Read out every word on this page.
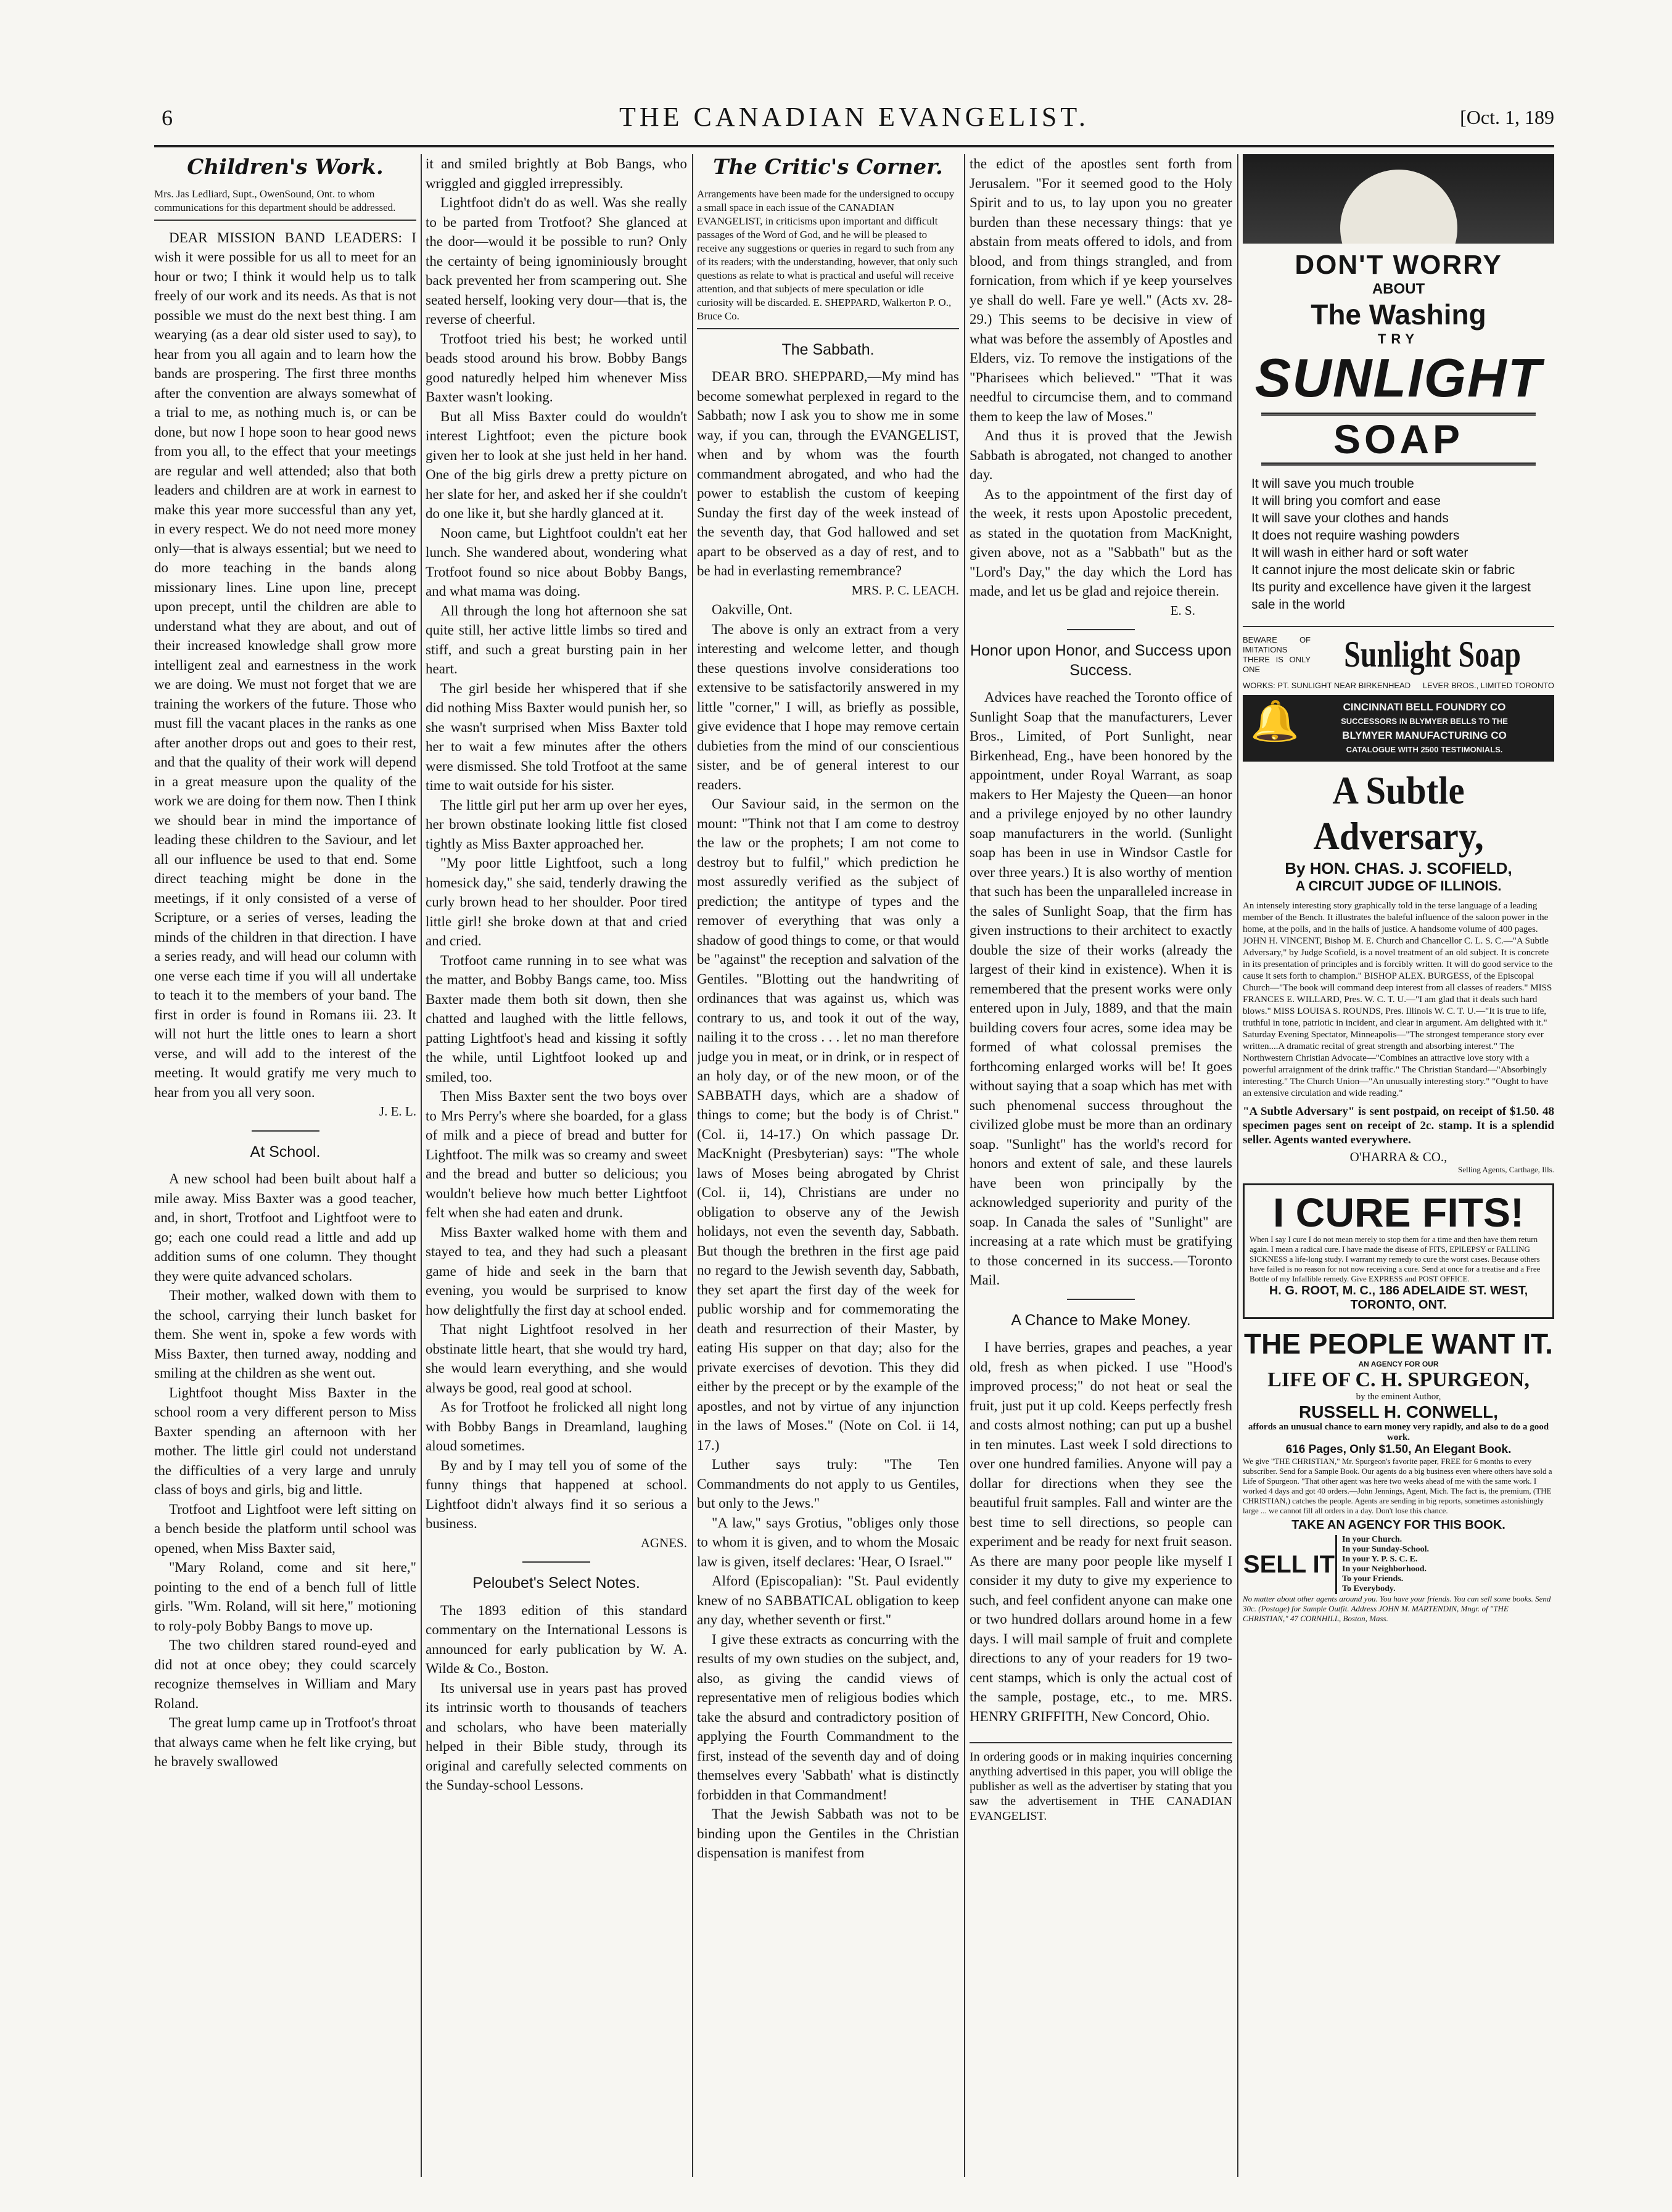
6	THE CANADIAN EVANGELIST.	[Oct. 1, 189
Children's Work.
Mrs. Jas Ledliard, Supt., OwenSound, Ont. to whom communications for this department should be addressed.

DEAR MISSION BAND LEADERS: I wish it were possible for us all to meet for an hour or two; I think it would help us to talk freely of our work and its needs. As that is not possible we must do the next best thing. I am wearying (as a dear old sister used to say), to hear from you all again and to learn how the bands are prospering. The first three months after the convention are always somewhat of a trial to me, as nothing much is, or can be done, but now I hope soon to hear good news from you all, to the effect that your meetings are regular and well attended; also that both leaders and children are at work in earnest to make this year more successful than any yet, in every respect. We do not need more money only—that is always essential; but we need to do more teaching in the bands along missionary lines. Line upon line, precept upon precept, until the children are able to understand what they are about, and out of their increased knowledge shall grow more intelligent zeal and earnestness in the work we are doing. We must not forget that we are training the workers of the future. Those who must fill the vacant places in the ranks as one after another drops out and goes to their rest, and that the quality of their work will depend in a great measure upon the quality of the work we are doing for them now. Then I think we should bear in mind the importance of leading these children to the Saviour, and let all our influence be used to that end. Some direct teaching might be done in the meetings, if it only consisted of a verse of Scripture, or a series of verses, leading the minds of the children in that direction. I have a series ready, and will head our column with one verse each time if you will all undertake to teach it to the members of your band. The first in order is found in Romans iii. 23. It will not hurt the little ones to learn a short verse, and will add to the interest of the meeting. It would gratify me very much to hear from you all very soon.

J. E. L.
At School.

A new school had been built about half a mile away. Miss Baxter was a good teacher, and, in short, Trotfoot and Lightfoot were to go; each one could read a little and add up addition sums of one column. They thought they were quite advanced scholars.

Their mother, walked down with them to the school, carrying their lunch basket for them. She went in, spoke a few words with Miss Baxter, then turned away, nodding and smiling at the children as she went out.

Lightfoot thought Miss Baxter in the school room a very different person to Miss Baxter spending an afternoon with her mother. The little girl could not understand the difficulties of a very large and unruly class of boys and girls, big and little.

Trotfoot and Lightfoot were left sitting on a bench beside the platform until school was opened, when Miss Baxter said,

"Mary Roland, come and sit here," pointing to the end of a bench full of little girls. "Wm. Roland, will sit here," motioning to roly-poly Bobby Bangs to move up.

The two children stared round-eyed and did not at once obey; they could scarcely recognize themselves in William and Mary Roland.

The great lump came up in Trotfoot's throat that always came when he felt like crying, but he bravely swallowed

it and smiled brightly at Bob Bangs, who wriggled and giggled irrepressibly.

Lightfoot didn't do as well. Was she really to be parted from Trotfoot? She glanced at the door—would it be possible to run? Only the certainty of being ignominiously brought back prevented her from scampering out. She seated herself, looking very dour—that is, the reverse of cheerful.

Trotfoot tried his best; he worked until beads stood around his brow. Bobby Bangs good naturedly helped him whenever Miss Baxter wasn't looking.

But all Miss Baxter could do wouldn't interest Lightfoot; even the picture book given her to look at she just held in her hand. One of the big girls drew a pretty picture on her slate for her, and asked her if she couldn't do one like it, but she hardly glanced at it.

Noon came, but Lightfoot couldn't eat her lunch. She wandered about, wondering what Trotfoot found so nice about Bobby Bangs, and what mama was doing.

All through the long hot afternoon she sat quite still, her active little limbs so tired and stiff, and such a great bursting pain in her heart.

The girl beside her whispered that if she did nothing Miss Baxter would punish her, so she wasn't surprised when Miss Baxter told her to wait a few minutes after the others were dismissed. She told Trotfoot at the same time to wait outside for his sister.

The little girl put her arm up over her eyes, her brown obstinate looking little fist closed tightly as Miss Baxter approached her.

"My poor little Lightfoot, such a long homesick day," she said, tenderly drawing the curly brown head to her shoulder. Poor tired little girl! she broke down at that and cried and cried.

Trotfoot came running in to see what was the matter, and Bobby Bangs came, too. Miss Baxter made them both sit down, then she chatted and laughed with the little fellows, patting Lightfoot's head and kissing it softly the while, until Lightfoot looked up and smiled, too.

Then Miss Baxter sent the two boys over to Mrs Perry's where she boarded, for a glass of milk and a piece of bread and butter for Lightfoot. The milk was so creamy and sweet and the bread and butter so delicious; you wouldn't believe how much better Lightfoot felt when she had eaten and drunk.

Miss Baxter walked home with them and stayed to tea, and they had such a pleasant game of hide and seek in the barn that evening, you would be surprised to know how delightfully the first day at school ended.

That night Lightfoot resolved in her obstinate little heart, that she would try hard, she would learn everything, and she would always be good, real good at school.

As for Trotfoot he frolicked all night long with Bobby Bangs in Dreamland, laughing aloud sometimes.

By and by I may tell you of some of the funny things that happened at school. Lightfoot didn't always find it so serious a business.

AGNES.
Peloubet's Select Notes.

The 1893 edition of this standard commentary on the International Lessons is announced for early publication by W. A. Wilde & Co., Boston.

Its universal use in years past has proved its intrinsic worth to thousands of teachers and scholars, who have been materially helped in their Bible study, through its original and carefully selected comments on the Sunday-school Lessons.

The Critic's Corner.
Arrangements have been made for the undersigned to occupy a small space in each issue of the CANADIAN EVANGELIST, in criticisms upon important and difficult passages of the Word of God, and he will be pleased to receive any suggestions or queries in regard to such from any of its readers; with the understanding, however, that only such questions as relate to what is practical and useful will receive attention, and that subjects of mere speculation or idle curiosity will be discarded. E. SHEPPARD, Walkerton P. O., Bruce Co.
The Sabbath.

DEAR BRO. SHEPPARD,—My mind has become somewhat perplexed in regard to the Sabbath; now I ask you to show me in some way, if you can, through the EVANGELIST, when and by whom was the fourth commandment abrogated, and who had the power to establish the custom of keeping Sunday the first day of the week instead of the seventh day, that God hallowed and set apart to be observed as a day of rest, and to be had in everlasting remembrance?

MRS. P. C. LEACH.
Oakville, Ont.

The above is only an extract from a very interesting and welcome letter, and though these questions involve considerations too extensive to be satisfactorily answered in my little "corner," I will, as briefly as possible, give evidence that I hope may remove certain dubieties from the mind of our conscientious sister, and be of general interest to our readers.

Our Saviour said, in the sermon on the mount: "Think not that I am come to destroy the law or the prophets; I am not come to destroy but to fulfil," which prediction he most assuredly verified as the subject of prediction; the antitype of types and the remover of everything that was only a shadow of good things to come, or that would be "against" the reception and salvation of the Gentiles. "Blotting out the handwriting of ordinances that was against us, which was contrary to us, and took it out of the way, nailing it to the cross . . . let no man therefore judge you in meat, or in drink, or in respect of an holy day, or of the new moon, or of the SABBATH days, which are a shadow of things to come; but the body is of Christ." (Col. ii, 14-17.) On which passage Dr. MacKnight (Presbyterian) says: "The whole laws of Moses being abrogated by Christ (Col. ii, 14), Christians are under no obligation to observe any of the Jewish holidays, not even the seventh day, Sabbath. But though the brethren in the first age paid no regard to the Jewish seventh day, Sabbath, they set apart the first day of the week for public worship and for commemorating the death and resurrection of their Master, by eating His supper on that day; also for the private exercises of devotion. This they did either by the precept or by the example of the apostles, and not by virtue of any injunction in the laws of Moses." (Note on Col. ii 14, 17.)

Luther says truly: "The Ten Commandments do not apply to us Gentiles, but only to the Jews."

"A law," says Grotius, "obliges only those to whom it is given, and to whom the Mosaic law is given, itself declares: 'Hear, O Israel.'"

Alford (Episcopalian): "St. Paul evidently knew of no SABBATICAL obligation to keep any day, whether seventh or first."

I give these extracts as concurring with the results of my own studies on the subject, and, also, as giving the candid views of representative men of religious bodies which take the absurd and contradictory position of applying the Fourth Commandment to the first, instead of the seventh day and of doing themselves every 'Sabbath' what is distinctly forbidden in that Commandment!

That the Jewish Sabbath was not to be binding upon the Gentiles in the Christian dispensation is manifest from

the edict of the apostles sent forth from Jerusalem. "For it seemed good to the Holy Spirit and to us, to lay upon you no greater burden than these necessary things: that ye abstain from meats offered to idols, and from blood, and from things strangled, and from fornication, from which if ye keep yourselves ye shall do well. Fare ye well." (Acts xv. 28-29.) This seems to be decisive in view of what was before the assembly of Apostles and Elders, viz. To remove the instigations of the "Pharisees which believed." "That it was needful to circumcise them, and to command them to keep the law of Moses."

And thus it is proved that the Jewish Sabbath is abrogated, not changed to another day.

As to the appointment of the first day of the week, it rests upon Apostolic precedent, as stated in the quotation from MacKnight, given above, not as a "Sabbath" but as the "Lord's Day," the day which the Lord has made, and let us be glad and rejoice therein.

E. S.
Honor upon Honor, and Success upon Success.

Advices have reached the Toronto office of Sunlight Soap that the manufacturers, Lever Bros., Limited, of Port Sunlight, near Birkenhead, Eng., have been honored by the appointment, under Royal Warrant, as soap makers to Her Majesty the Queen—an honor and a privilege enjoyed by no other laundry soap manufacturers in the world. (Sunlight soap has been in use in Windsor Castle for over three years.) It is also worthy of mention that such has been the unparalleled increase in the sales of Sunlight Soap, that the firm has given instructions to their architect to exactly double the size of their works (already the largest of their kind in existence). When it is remembered that the present works were only entered upon in July, 1889, and that the main building covers four acres, some idea may be formed of what colossal premises the forthcoming enlarged works will be! It goes without saying that a soap which has met with such phenomenal success throughout the civilized globe must be more than an ordinary soap. "Sunlight" has the world's record for honors and extent of sale, and these laurels have been won principally by the acknowledged superiority and purity of the soap. In Canada the sales of "Sunlight" are increasing at a rate which must be gratifying to those concerned in its success.—Toronto Mail.

A Chance to Make Money.

I have berries, grapes and peaches, a year old, fresh as when picked. I use "Hood's improved process;" do not heat or seal the fruit, just put it up cold. Keeps perfectly fresh and costs almost nothing; can put up a bushel in ten minutes. Last week I sold directions to over one hundred families. Anyone will pay a dollar for directions when they see the beautiful fruit samples. Fall and winter are the best time to sell directions, so people can experiment and be ready for next fruit season. As there are many poor people like myself I consider it my duty to give my experience to such, and feel confident anyone can make one or two hundred dollars around home in a few days. I will mail sample of fruit and complete directions to any of your readers for 19 two-cent stamps, which is only the actual cost of the sample, postage, etc., to me. MRS. HENRY GRIFFITH, New Concord, Ohio.

In ordering goods or in making inquiries concerning anything advertised in this paper, you will oblige the publisher as well as the advertiser by stating that you saw the advertisement in THE CANADIAN EVANGELIST.
DON'T WORRY
ABOUT
The Washing
TRY
SUNLIGHT
SOAP
It will save you much trouble
It will bring you comfort and ease
It will save your clothes and hands
It does not require washing powders
It will wash in either hard or soft water
It cannot injure the most delicate skin or fabric
Its purity and excellence have given it the largest sale in the world
BEWARE OF IMITATIONS THERE IS ONLY ONE	Sunlight Soap
WORKS: PT. SUNLIGHT NEAR BIRKENHEAD LEVER BROS., LIMITED TORONTO
🔔	CINCINNATI BELL FOUNDRY CO
SUCCESSORS IN BLYMYER BELLS TO THE
BLYMYER MANUFACTURING CO
CATALOGUE WITH 2500 TESTIMONIALS.
A Subtle Adversary,
By HON. CHAS. J. SCOFIELD,
A CIRCUIT JUDGE OF ILLINOIS.
An intensely interesting story graphically told in the terse language of a leading member of the Bench. It illustrates the baleful influence of the saloon power in the home, at the polls, and in the halls of justice. A handsome volume of 400 pages.
JOHN H. VINCENT, Bishop M. E. Church and Chancellor C. L. S. C.—"A Subtle Adversary," by Judge Scofield, is a novel treatment of an old subject. It is concrete in its presentation of principles and is forcibly written. It will do good service to the cause it sets forth to champion." BISHOP ALEX. BURGESS, of the Episcopal Church—"The book will command deep interest from all classes of readers." MISS FRANCES E. WILLARD, Pres. W. C. T. U.—"I am glad that it deals such hard blows." MISS LOUISA S. ROUNDS, Pres. Illinois W. C. T. U.—"It is true to life, truthful in tone, patriotic in incident, and clear in argument. Am delighted with it." Saturday Evening Spectator, Minneapolis—"The strongest temperance story ever written....A dramatic recital of great strength and absorbing interest." The Northwestern Christian Advocate—"Combines an attractive love story with a powerful arraignment of the drink traffic." The Christian Standard—"Absorbingly interesting." The Church Union—"An unusually interesting story." "Ought to have an extensive circulation and wide reading."
"A Subtle Adversary" is sent postpaid, on receipt of $1.50. 48 specimen pages sent on receipt of 2c. stamp. It is a splendid seller. Agents wanted everywhere.
O'HARRA & CO.,
Selling Agents, Carthage, Ills.
I CURE FITS!
When I say I cure I do not mean merely to stop them for a time and then have them return again. I mean a radical cure. I have made the disease of FITS, EPILEPSY or FALLING SICKNESS a life-long study. I warrant my remedy to cure the worst cases. Because others have failed is no reason for not now receiving a cure. Send at once for a treatise and a Free Bottle of my Infallible remedy. Give EXPRESS and POST OFFICE.
H. G. ROOT, M. C., 186 ADELAIDE ST. WEST, TORONTO, ONT.
THE PEOPLE WANT IT.
AN AGENCY FOR OUR
LIFE OF C. H. SPURGEON,
by the eminent Author,
RUSSELL H. CONWELL,
affords an unusual chance to earn money very rapidly, and also to do a good work.
616 Pages, Only $1.50, An Elegant Book.
We give "THE CHRISTIAN," Mr. Spurgeon's favorite paper, FREE for 6 months to every subscriber. Send for a Sample Book. Our agents do a big business even where others have sold a Life of Spurgeon. "That other agent was here two weeks ahead of me with the same work. I worked 4 days and got 40 orders.—John Jennings, Agent, Mich. The fact is, the premium, (THE CHRISTIAN,) catches the people. Agents are sending in big reports, sometimes astonishingly large ... we cannot fill all orders in a day. Don't lose this chance.
TAKE AN AGENCY FOR THIS BOOK.
SELL IT
In your Church.
In your Sunday-School.
In your Y. P. S. C. E.
In your Neighborhood.
To your Friends.
To Everybody.
No matter about other agents around you. You have your friends. You can sell some books. Send 30c. (Postage) for Sample Outfit. Address JOHN M. MARTENDIN, Mngr. of "THE CHRISTIAN," 47 CORNHILL, Boston, Mass.
